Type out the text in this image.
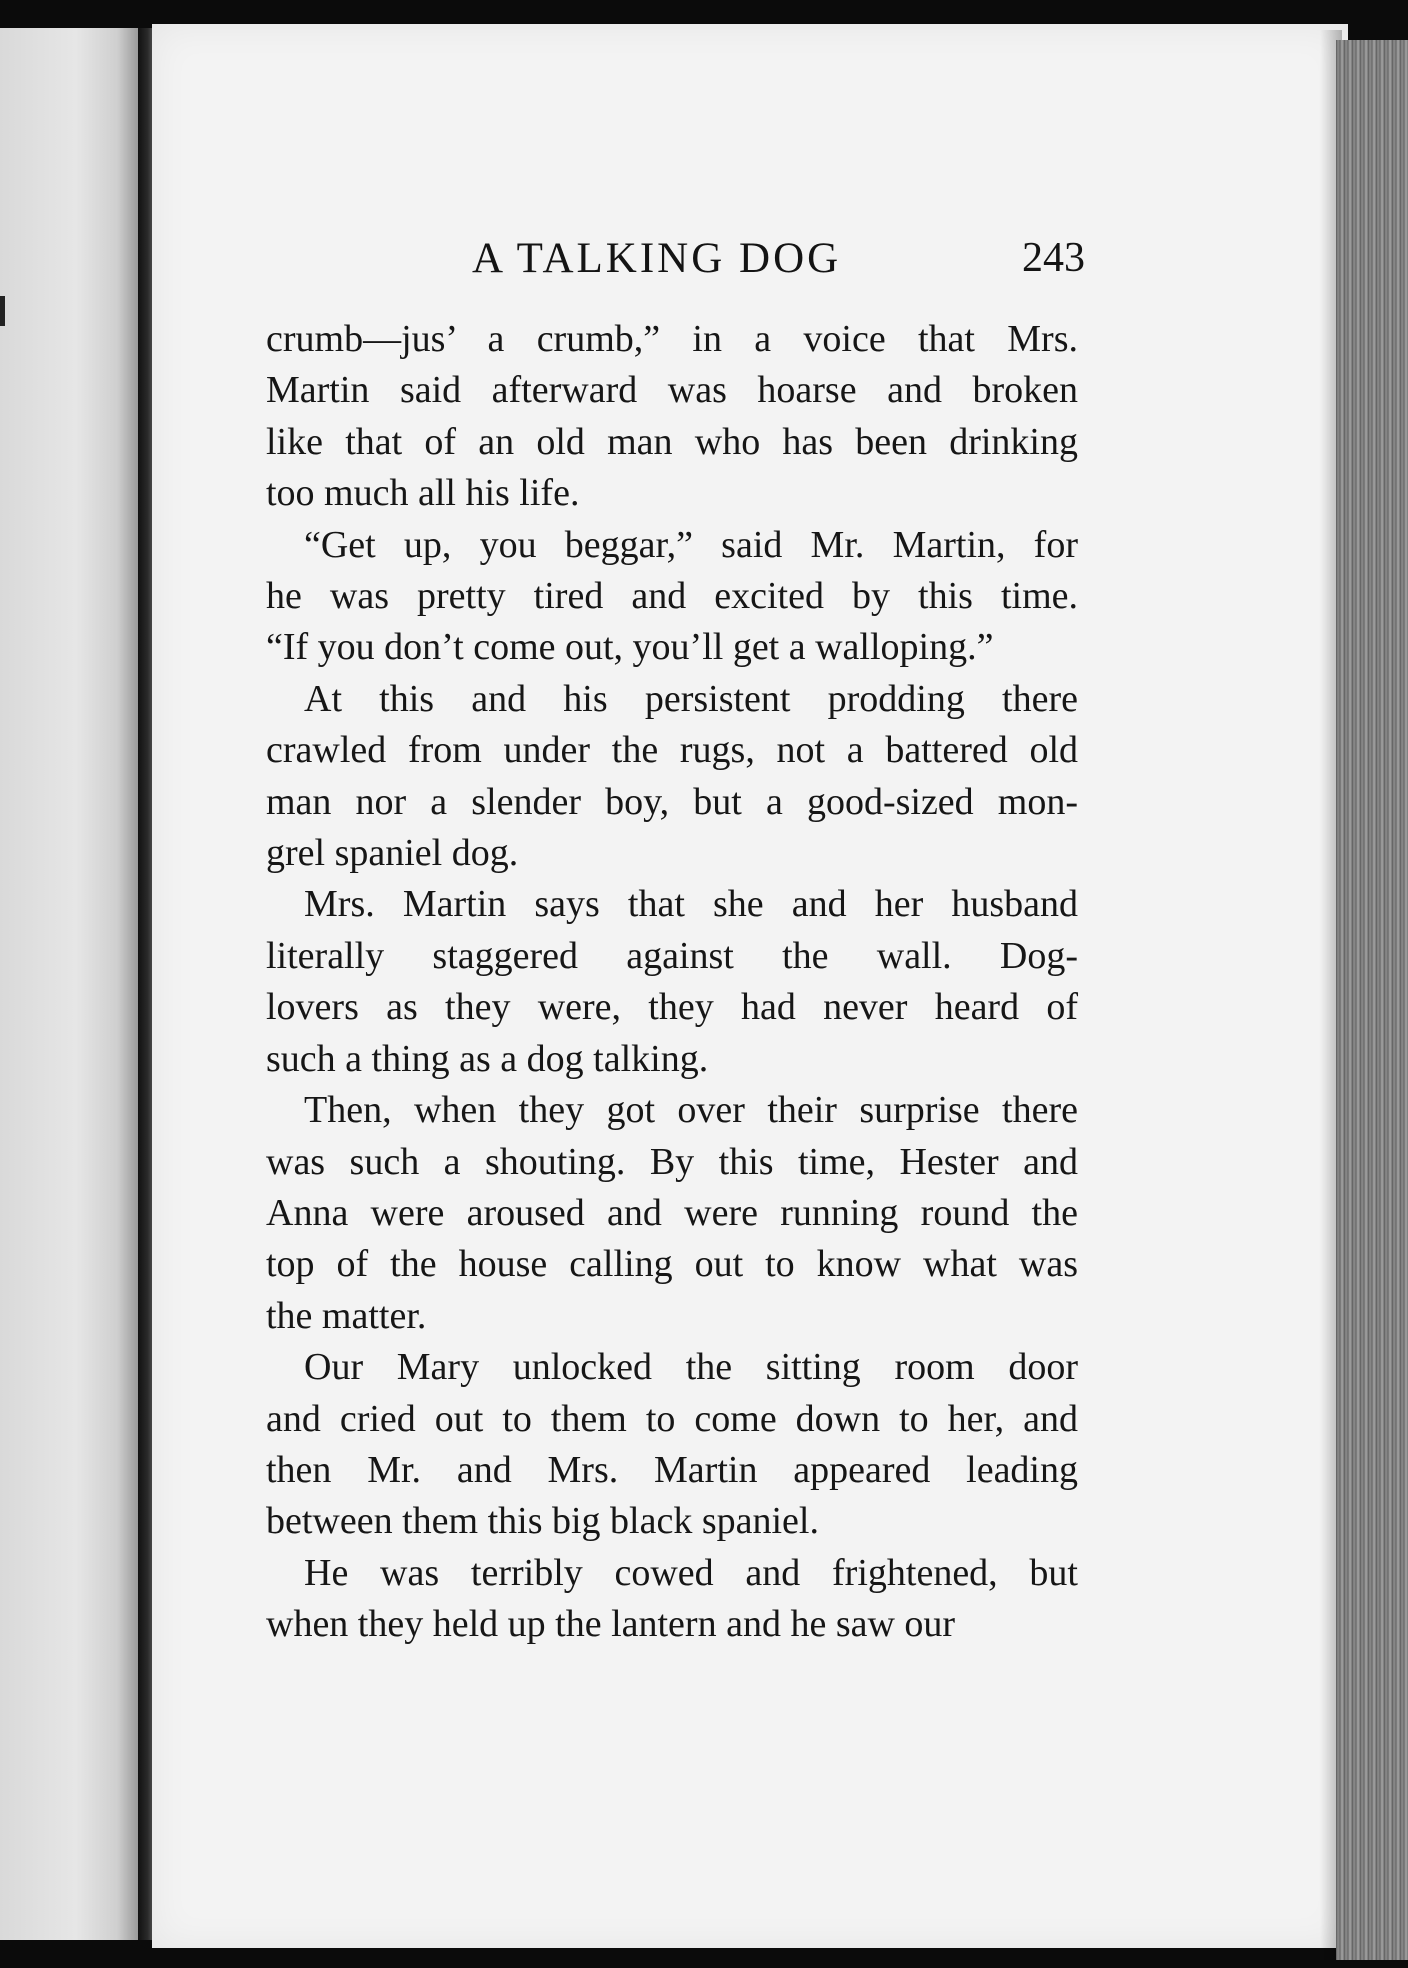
A TALKING DOG	243

crumb—jus’ a crumb,” in a voice that Mrs.
Martin said afterward was hoarse and broken
like that of an old man who has been drinking
too much all his life.

“Get up, you beggar,” said Mr. Martin, for
he was pretty tired and excited by this time.
“If you don’t come out, you’ll get a walloping.”

At this and his persistent prodding there
crawled from under the rugs, not a battered old
man nor a slender boy, but a good-sized mon-
grel spaniel dog.

Mrs. Martin says that she and her husband
literally staggered against the wall. Dog-
lovers as they were, they had never heard of
such a thing as a dog talking.

Then, when they got over their surprise there
was such a shouting. By this time, Hester and
Anna were aroused and were running round the
top of the house calling out to know what was
the matter.

Our Mary unlocked the sitting room door
and cried out to them to come down to her, and
then Mr. and Mrs. Martin appeared leading
between them this big black spaniel.

He was terribly cowed and frightened, but
when they held up the lantern and he saw our
